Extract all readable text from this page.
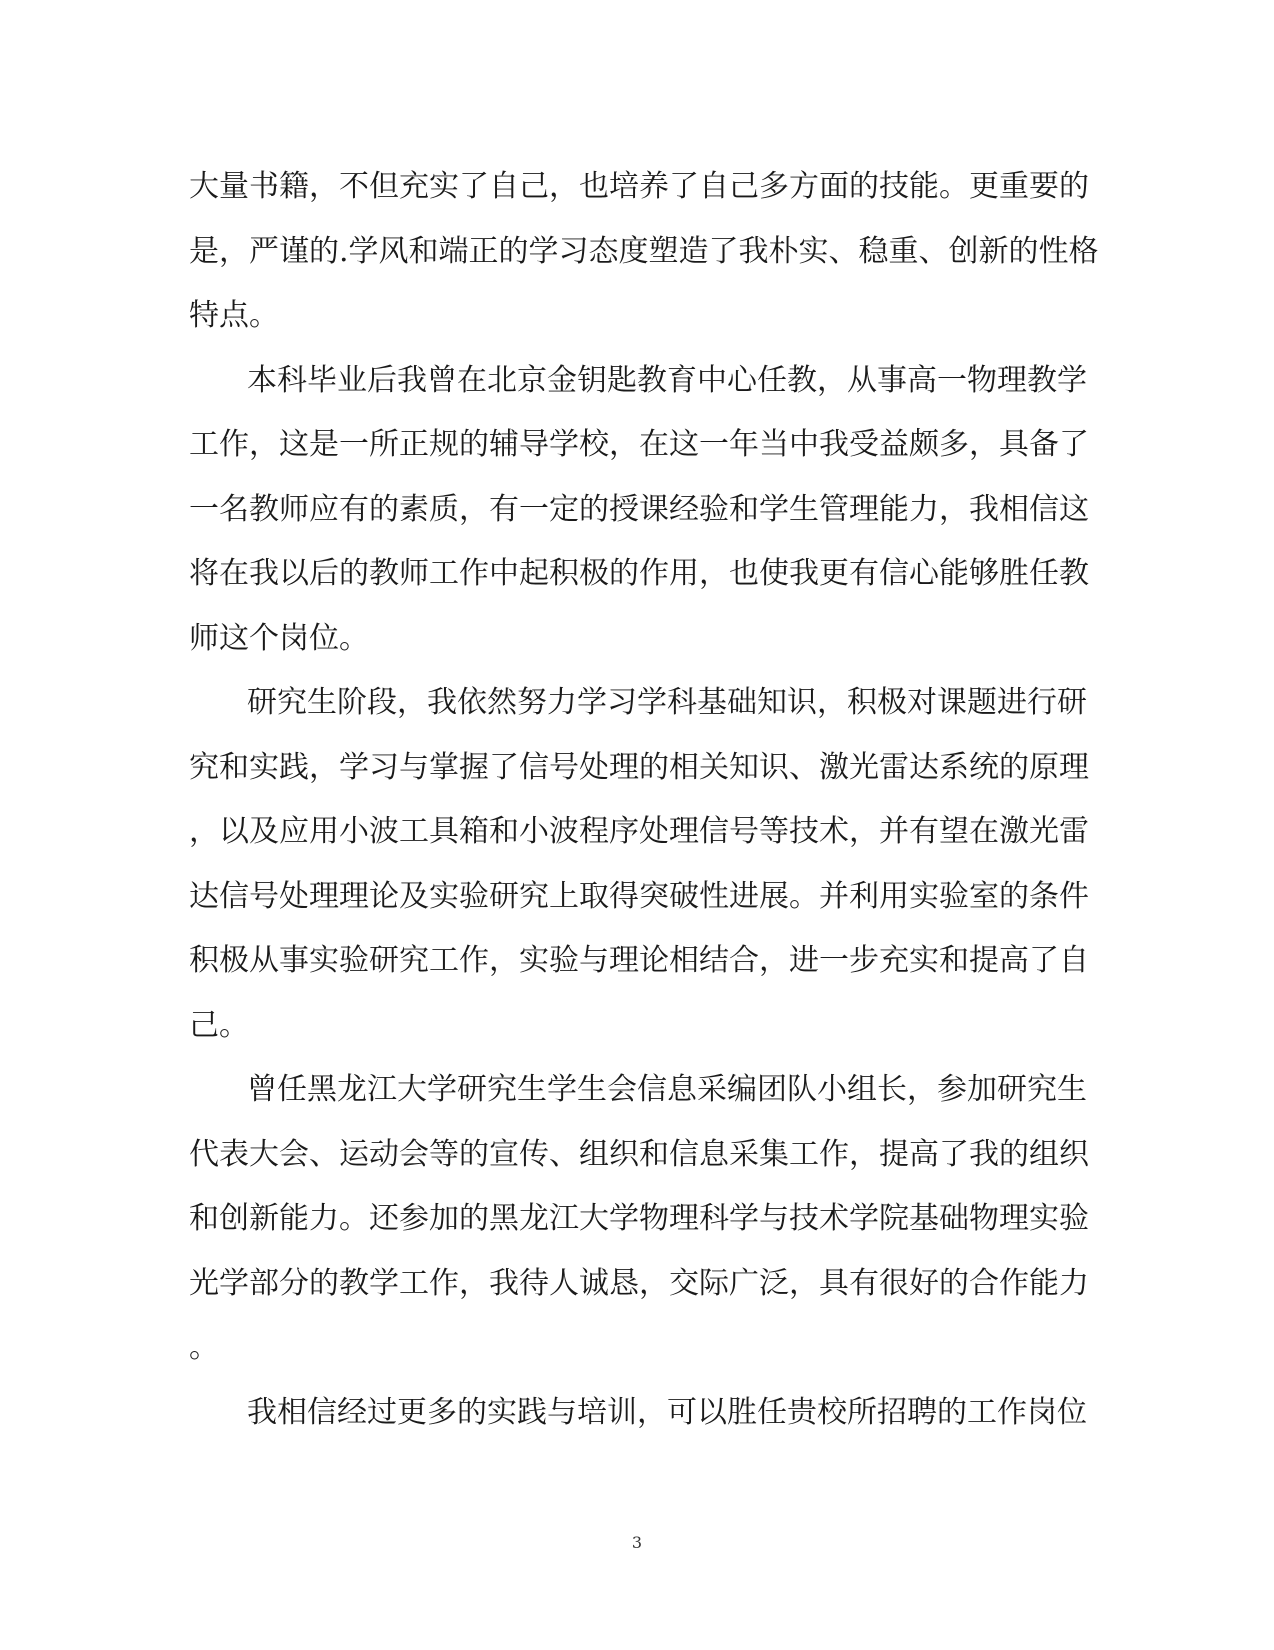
大量书籍，不但充实了自己，也培养了自己多方面的技能。更重要的
是，严谨的.学风和端正的学习态度塑造了我朴实、稳重、创新的性格
特点。
本科毕业后我曾在北京金钥匙教育中心任教，从事高一物理教学
工作，这是一所正规的辅导学校，在这一年当中我受益颇多，具备了
一名教师应有的素质，有一定的授课经验和学生管理能力，我相信这
将在我以后的教师工作中起积极的作用，也使我更有信心能够胜任教
师这个岗位。
研究生阶段，我依然努力学习学科基础知识，积极对课题进行研
究和实践，学习与掌握了信号处理的相关知识、激光雷达系统的原理
，以及应用小波工具箱和小波程序处理信号等技术，并有望在激光雷
达信号处理理论及实验研究上取得突破性进展。并利用实验室的条件
积极从事实验研究工作，实验与理论相结合，进一步充实和提高了自
己。
曾任黑龙江大学研究生学生会信息采编团队小组长，参加研究生
代表大会、运动会等的宣传、组织和信息采集工作，提高了我的组织
和创新能力。还参加的黑龙江大学物理科学与技术学院基础物理实验
光学部分的教学工作，我待人诚恳，交际广泛，具有很好的合作能力
。
我相信经过更多的实践与培训，可以胜任贵校所招聘的工作岗位
3
